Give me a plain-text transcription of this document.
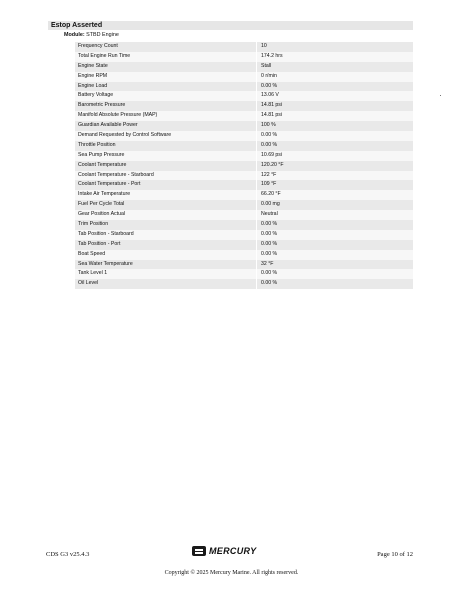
Estop Asserted
Module: STBD Engine
Frequency Count	10
Total Engine Run Time	174.2 hrs
Engine State	Stall
Engine RPM	0 r/min
Engine Load	0.00 %
Battery Voltage	13.06 V
Barometric Pressure	14.81 psi
Manifold Absolute Pressure (MAP)	14.81 psi
Guardian Available Power	100 %
Demand Requested by Control Software	0.00 %
Throttle Position	0.00 %
Sea Pump Pressure	10.69 psi
Coolant Temperature	120.20 °F
Coolant Temperature - Starboard	122 °F
Coolant Temperature - Port	109 °F
Intake Air Temperature	66.20 °F
Fuel Per Cycle Total	0.00 mg
Gear Position Actual	Neutral
Trim Position	0.00 %
Tab Position - Starboard	0.00 %
Tab Position - Port	0.00 %
Boat Speed	0.00 %
Sea Water Temperature	32 °F
Tank Level 1	0.00 %
Oil Level	0.00 %
CDS G3 v25.4.3	MERCURY	Page 10 of 12
Copyright © 2025 Mercury Marine. All rights reserved.
